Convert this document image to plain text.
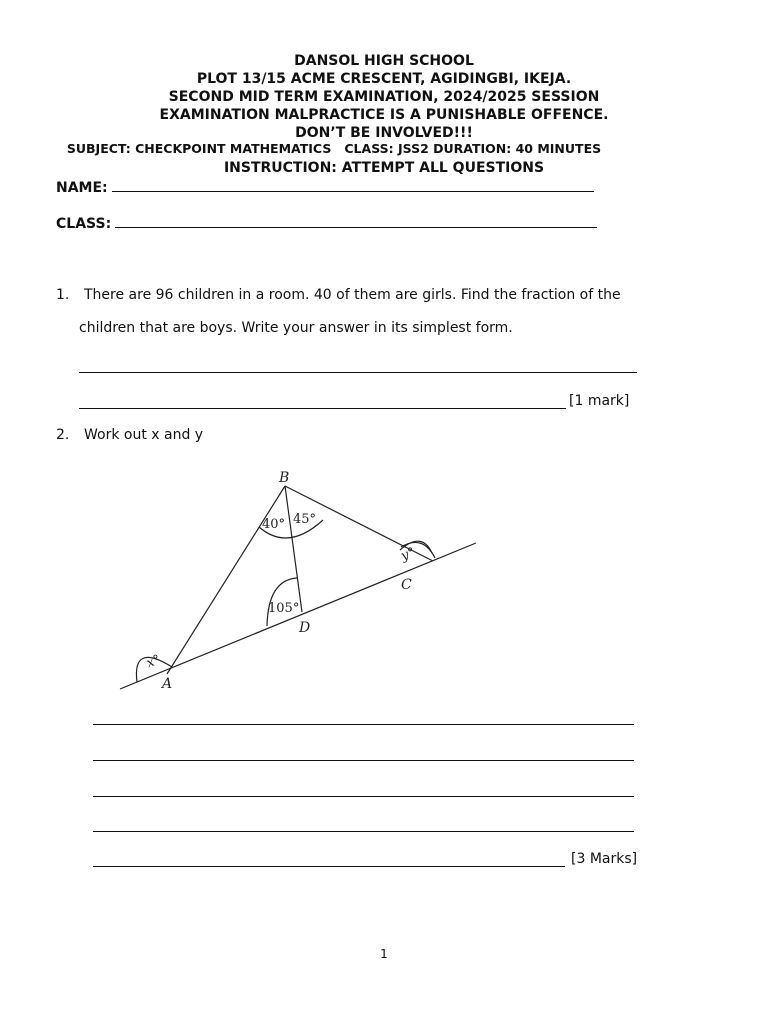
DANSOL HIGH SCHOOL
PLOT 13/15 ACME CRESCENT, AGIDINGBI, IKEJA.
SECOND MID TERM EXAMINATION, 2024/2025 SESSION
EXAMINATION MALPRACTICE IS A PUNISHABLE OFFENCE.
DON’T BE INVOLVED!!!
SUBJECT: CHECKPOINT MATHEMATICS   CLASS: JSS2 DURATION: 40 MINUTES
INSTRUCTION: ATTEMPT ALL QUESTIONS
NAME:
CLASS:
1. There are 96 children in a room. 40 of them are girls. Find the fraction of the
children that are boys. Write your answer in its simplest form.
[1 mark]
2. Work out x and y
B
C
D
A
40° 45°
105°
x°
y°
[3 Marks]
1
